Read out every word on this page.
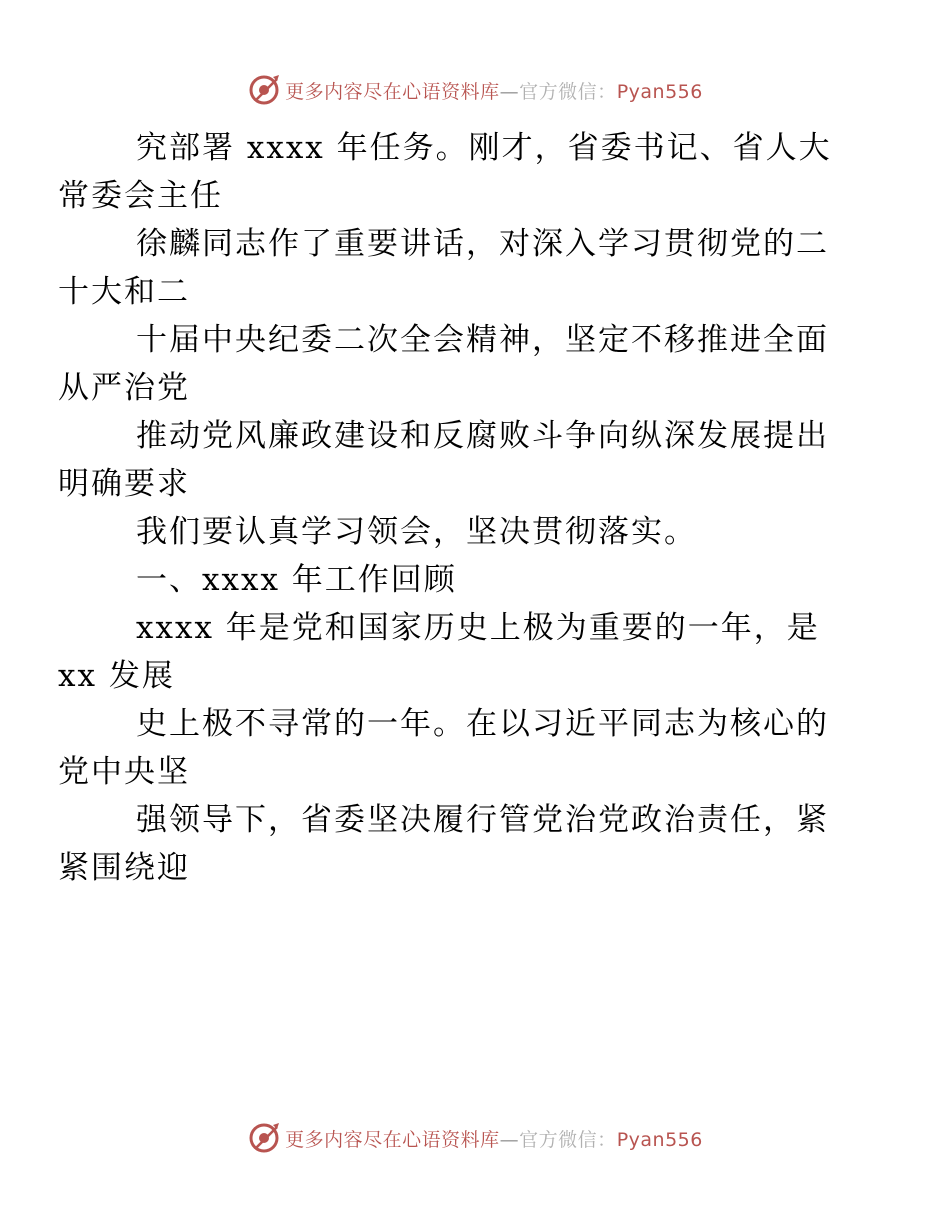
更多内容尽在心语资料库—官方微信：Pyan556

究部署 xxxx 年任务。刚才，省委书记、省人大
常委会主任

徐麟同志作了重要讲话，对深入学习贯彻党的二
十大和二

十届中央纪委二次全会精神，坚定不移推进全面
从严治党

推动党风廉政建设和反腐败斗争向纵深发展提出
明确要求

我们要认真学习领会，坚决贯彻落实。

一、xxxx 年工作回顾

xxxx 年是党和国家历史上极为重要的一年，是
xx 发展

史上极不寻常的一年。在以习近平同志为核心的
党中央坚

强领导下，省委坚决履行管党治党政治责任，紧
紧围绕迎

更多内容尽在心语资料库—官方微信：Pyan556
